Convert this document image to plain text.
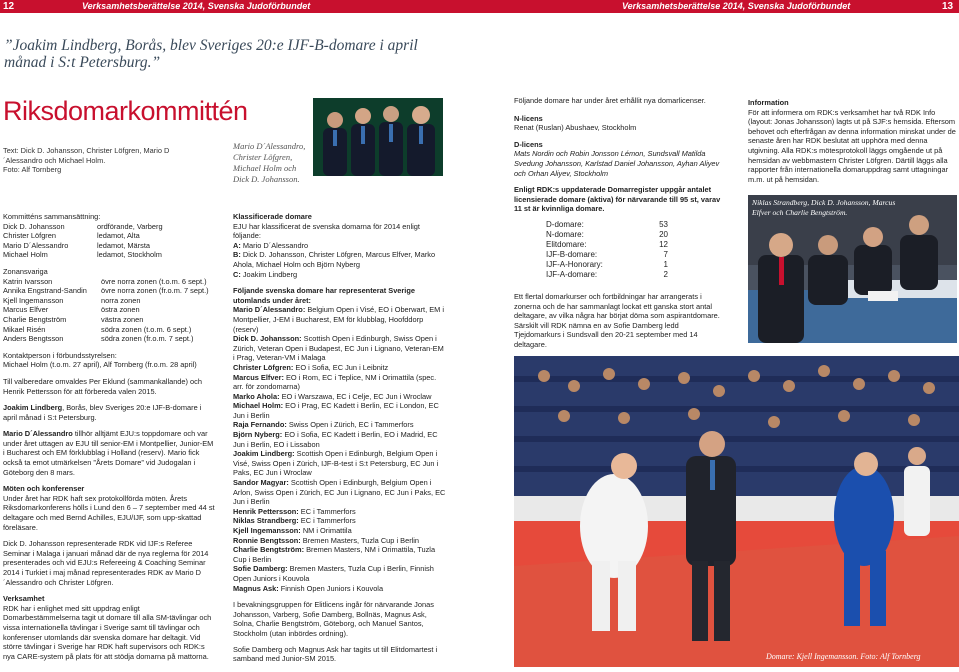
12	Verksamhetsberättelse 2014, Svenska Judoförbundet	Verksamhetsberättelse 2014, Svenska Judoförbundet	13
”Joakim Lindberg, Borås, blev Sveriges 20:e IJF-B-domare i april månad i S:t Petersburg.”
Riksdomarkommittén
Text: Dick D. Johansson, Christer Löfgren, Mario D´Alessandro och Michael Holm.
Foto: Alf Tornberg
Mario D´Alessandro, Christer Löfgren, Michael Holm och Dick D. Johansson.
Kommitténs sammansättning:
Dick D. Johansson	ordförande, Varberg
Christer Löfgren	ledamot, Alta
Mario D´Alessandro	ledamot, Märsta
Michael Holm	ledamot, Stockholm
Zonansvariga
Katrin Ivarsson	övre norra zonen (t.o.m. 6 sept.)
Annika Engstrand-Sandin	övre norra zonen (fr.o.m. 7 sept.)
Kjell Ingemansson	norra zonen
Marcus Elfver	östra zonen
Charlie Bengtström	västra zonen
Mikael Risén	södra zonen (t.o.m. 6 sept.)
Anders Bengtsson	södra zonen (fr.o.m. 7 sept.)
Kontaktperson i förbundsstyrelsen:
Michael Holm (t.o.m. 27 april), Alf Tornberg (fr.o.m. 28 april)
Till valberedare omvaldes Per Eklund (sammankallande) och Henrik Pettersson för att förbereda valen 2015.
Joakim Lindberg, Borås, blev Sveriges 20:e IJF-B-domare i april månad i S:t Petersburg.
Mario D´Alessandro tillhör alltjämt EJU:s toppdomare och var under året uttagen av EJU till senior-EM i Montpellier, Junior-EM i Bucharest och EM förklubblag i Holland (reserv). Mario fick också ta emot utmärkelsen ”Årets Domare” vid Judogalan i Göteborg den 8 mars.
Möten och konferenser
Under året har RDK haft sex protokollförda möten. Årets Riksdomarkonferens hölls i Lund den 6 – 7 september med 44 st deltagare och med Bernd Achilles, EJU/IJF, som upp-skattad föreläsare.
Dick D. Johansson representerade RDK vid IJF:s Referee Seminar i Malaga i januari månad där de nya reglerna för 2014 presenterades och vid EJU:s Refereeing & Coaching Seminar 2014 i Turkiet i maj månad representerades RDK av Mario D´Alessandro och Christer Löfgren.
Verksamhet
RDK har i enlighet med sitt uppdrag enligt Domarbestämmelserna tagit ut domare till alla SM-tävlingar och vissa internationella tävlingar i Sverige samt till tävlingar och konferenser utomlands där svenska domare har deltagit. Vid större tävlingar i Sverige har RDK haft supervisors och RDK:s nya CARE-system på plats för att stödja domarna på mattorna.
Klassificerade domare
EJU har klassificerat de svenska domarna för 2014 enligt följande:
A: Mario D´Alessandro
B: Dick D. Johansson, Christer Löfgren, Marcus Elfver, Marko Ahola, Michael Holm och Björn Nyberg
C: Joakim Lindberg
Följande svenska domare har representerat Sverige utomlands under året:
Mario D´Alessandro: Belgium Open i Visé, EO i Oberwart, EM i Montpellier, J-EM i Bucharest, EM för klubblag, Hoofddorp (reserv)
Dick D. Johansson: Scottish Open i Edinburgh, Swiss Open i Zürich, Veteran Open i Budapest, EC Jun i Lignano, Veteran-EM i Prag, Veteran-VM i Malaga
Christer Löfgren: EO i Sofia, EC Jun i Leibnitz
Marcus Elfver: EO i Rom, EC i Teplice, NM i Orimattila (spec. arr. för zondomarna)
Marko Ahola: EO i Warszawa, EC i Celje, EC Jun i Wroclaw
Michael Holm: EO i Prag, EC Kadett i Berlin, EC i London, EC Jun i Berlin
Raja Fernando: Swiss Open i Zürich, EC i Tammerfors
Björn Nyberg: EO i Sofia, EC Kadett i Berlin, EO i Madrid, EC Jun i Berlin, EO i Lissabon
Joakim Lindberg: Scottish Open i Edinburgh, Belgium Open i Visé, Swiss Open i Zürich, IJF-B-test i S:t Petersburg, EC Jun i Paks, EC Jun i Wroclaw
Sandor Magyar: Scottish Open i Edinburgh, Belgium Open i Arlon, Swiss Open i Zürich, EC Jun i Lignano, EC Jun i Paks, EC Jun i Berlin
Henrik Pettersson: EC i Tammerfors
Niklas Strandberg: EC i Tammerfors
Kjell Ingemansson: NM i Orimattila
Ronnie Bengtsson: Bremen Masters, Tuzla Cup i Berlin
Charlie Bengtström: Bremen Masters, NM i Orimattila, Tuzla Cup i Berlin
Sofie Damberg: Bremen Masters, Tuzla Cup i Berlin, Finnish Open Juniors i Kouvola
Magnus Ask: Finnish Open Juniors i Kouvola
I bevakningsgruppen för Elitlicens ingår för närvarande Jonas Johansson, Varberg, Sofie Damberg, Bollnäs, Magnus Ask, Solna, Charlie Bengtström, Göteborg, och Manuel Santos, Stockholm (utan inbördes ordning).
Sofie Damberg och Magnus Ask har tagits ut till Elitdomartest i samband med Junior-SM 2015.
Följande domare har under året erhållit nya domarlicenser.
N-licens
Renat (Ruslan) Abushaev, Stockholm
D-licens
Mats Nordin och Robin Jonsson Lémon, Sundsvall Matilda Svedung Johansson, Karlstad Daniel Johansson, Ayhan Aliyev och Orhan Aliyev, Stockholm
Enligt RDK:s uppdaterade Domarregister uppgår antalet licensierade domare (aktiva) för närvarande till 95 st, varav 11 st är kvinnliga domare.
D-domare:	53
N-domare:	20
Elitdomare:	12
IJF-B-domare:	7
IJF-A-Honorary:	1
IJF-A-domare:	2
Ett flertal domarkurser och fortbildningar har arrangerats i zonerna och de har sammanlagt lockat ett ganska stort antal deltagare, av vilka några har börjat döma som aspirantdomare. Särskilt vill RDK nämna en av Sofie Damberg ledd Tjejdomarkurs i Sundsvall den 20-21 september med 14 deltagare.
Information
För att informera om RDK:s verksamhet har två RDK Info (layout: Jonas Johansson) lagts ut på SJF:s hemsida. Eftersom behovet och efterfrågan av denna information minskat under de senaste åren har RDK beslutat att upphöra med denna utgivning. Alla RDK:s mötesprotokoll läggs omgående ut på hemsidan av webbmastern Christer Löfgren. Därtill läggs alla rapporter från internationella domaruppdrag samt uttagningar m.m. ut på hemsidan.
Niklas Strandberg, Dick D. Johansson, Marcus Elfver och Charlie Bengtström.
Domare: Kjell Ingemansson. Foto: Alf Tornberg
